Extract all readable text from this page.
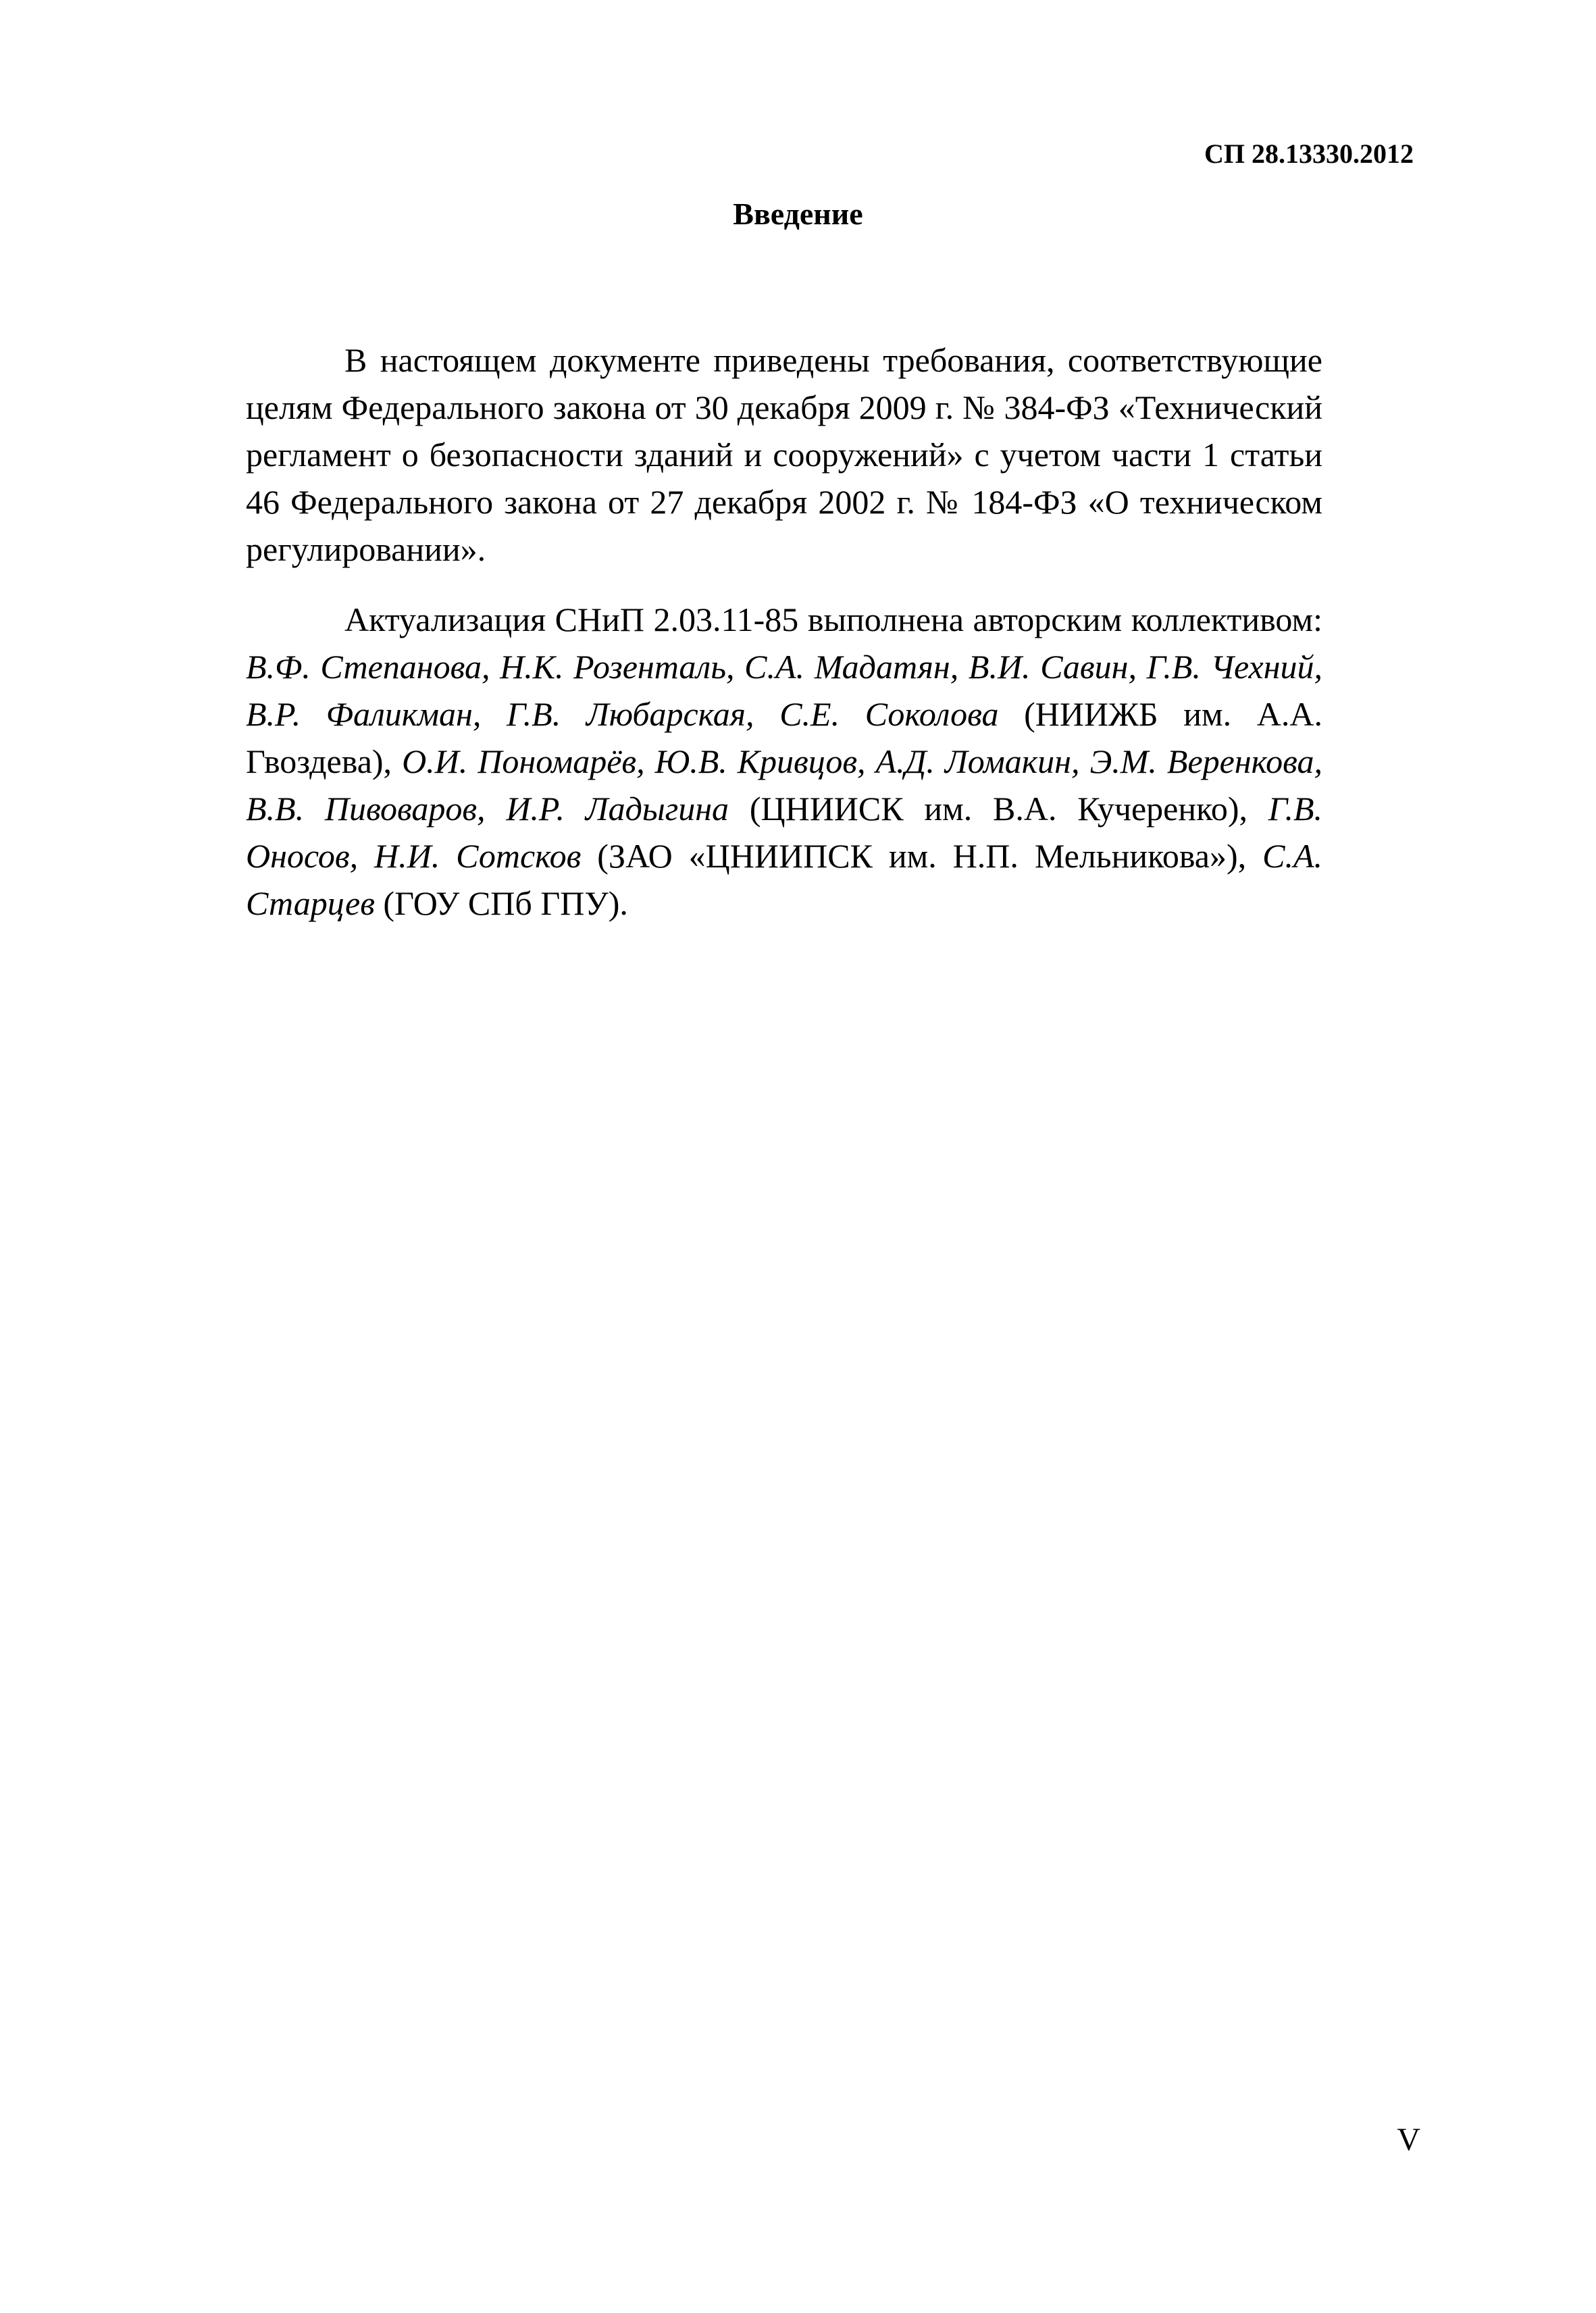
СП 28.13330.2012
Введение

В настоящем документе приведены требования, соответствующие целям Федерального закона от 30 декабря 2009 г. № 384-ФЗ «Технический регламент о безопасности зданий и сооружений» с учетом части 1 статьи 46 Федерального закона от 27 декабря 2002 г. № 184-ФЗ «О техническом регулировании».

Актуализация СНиП 2.03.11-85 выполнена авторским коллективом: В.Ф. Степанова, Н.К. Розенталь, С.А. Мадатян, В.И. Савин, Г.В. Чехний, В.Р. Фаликман, Г.В. Любарская, С.Е. Соколова (НИИЖБ им. А.А. Гвоздева), О.И. Пономарёв, Ю.В. Кривцов, А.Д. Ломакин, Э.М. Веренкова, В.В. Пивоваров, И.Р. Ладыгина (ЦНИИСК им. В.А. Кучеренко), Г.В. Оносов, Н.И. Сотсков (ЗАО «ЦНИИПСК им. Н.П. Мельникова»), С.А. Старцев (ГОУ СПб ГПУ).

V
